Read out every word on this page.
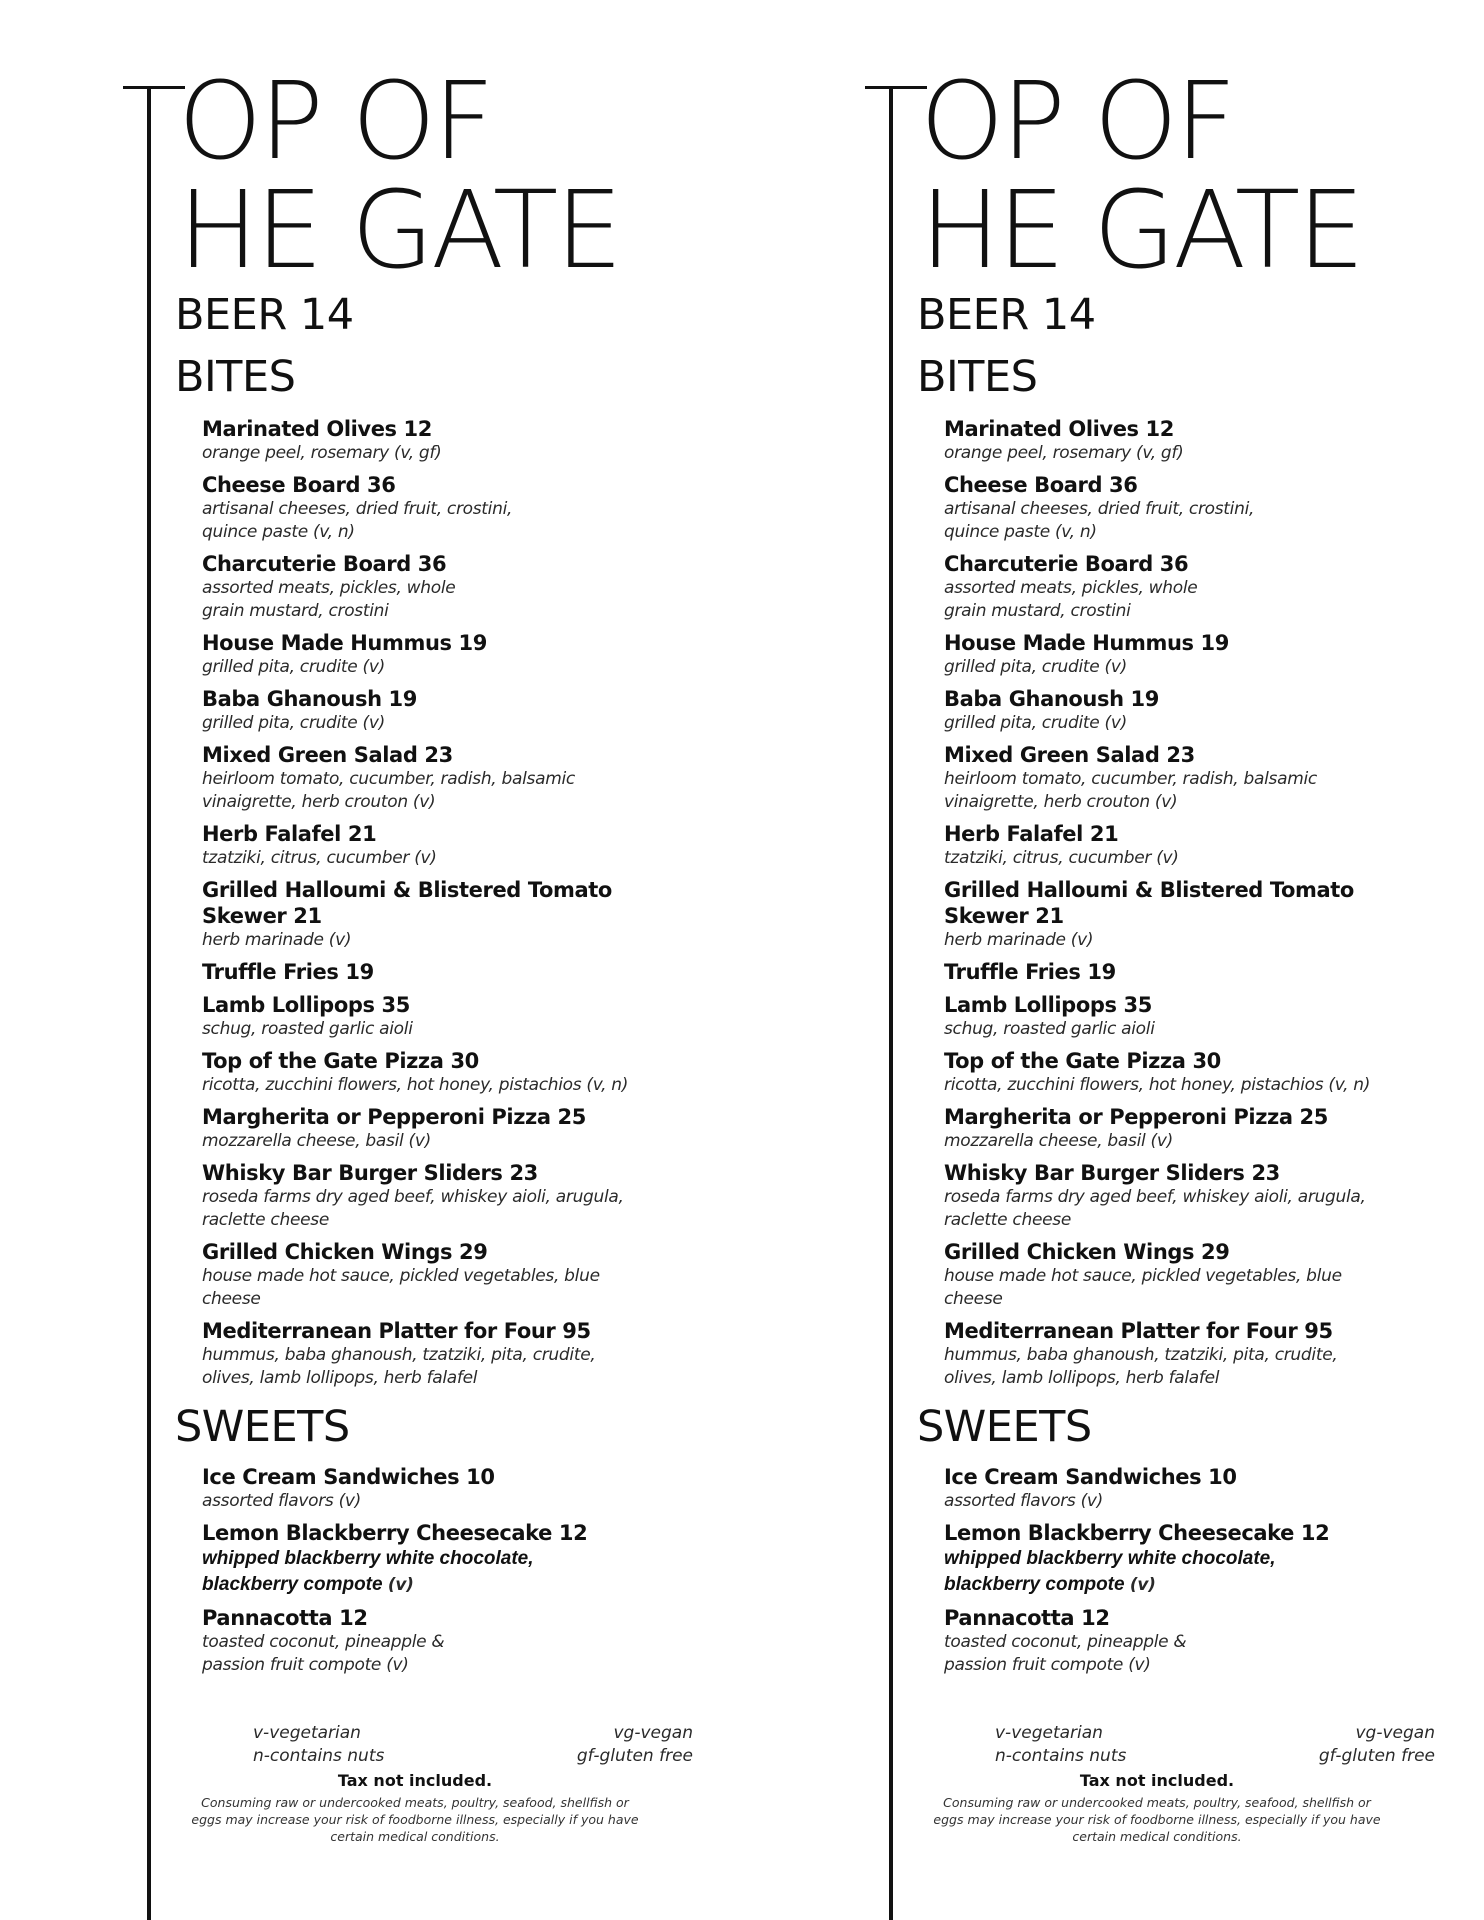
OP OF
HE GATE
BEER 14
BITES
Marinated Olives 12
orange peel, rosemary (v, gf)
Cheese Board 36
artisanal cheeses, dried fruit, crostini,
quince paste (v, n)
Charcuterie Board 36
assorted meats, pickles, whole
grain mustard, crostini
House Made Hummus 19
grilled pita, crudite (v)
Baba Ghanoush 19
grilled pita, crudite (v)
Mixed Green Salad 23
heirloom tomato, cucumber, radish, balsamic
vinaigrette, herb crouton (v)
Herb Falafel 21
tzatziki, citrus, cucumber (v)
Grilled Halloumi & Blistered Tomato
Skewer 21
herb marinade (v)
Truffle Fries 19
Lamb Lollipops 35
schug, roasted garlic aioli
Top of the Gate Pizza 30
ricotta, zucchini flowers, hot honey, pistachios (v, n)
Margherita or Pepperoni Pizza 25
mozzarella cheese, basil (v)
Whisky Bar Burger Sliders 23
roseda farms dry aged beef, whiskey aioli, arugula,
raclette cheese
Grilled Chicken Wings 29
house made hot sauce, pickled vegetables, blue
cheese
Mediterranean Platter for Four 95
hummus, baba ghanoush, tzatziki, pita, crudite,
olives, lamb lollipops, herb falafel
SWEETS
Ice Cream Sandwiches 10
assorted flavors (v)
Lemon Blackberry Cheesecake 12
whipped blackberry white chocolate,
blackberry compote (v)
Pannacotta 12
toasted coconut, pineapple &
passion fruit compote (v)
v-vegetarian	vg-vegan
n-contains nuts	gf-gluten free
Tax not included.
Consuming raw or undercooked meats, poultry, seafood, shellfish or
eggs may increase your risk of foodborne illness, especially if you have
certain medical conditions.
OP OF
HE GATE
BEER 14
BITES
Marinated Olives 12
orange peel, rosemary (v, gf)
Cheese Board 36
artisanal cheeses, dried fruit, crostini,
quince paste (v, n)
Charcuterie Board 36
assorted meats, pickles, whole
grain mustard, crostini
House Made Hummus 19
grilled pita, crudite (v)
Baba Ghanoush 19
grilled pita, crudite (v)
Mixed Green Salad 23
heirloom tomato, cucumber, radish, balsamic
vinaigrette, herb crouton (v)
Herb Falafel 21
tzatziki, citrus, cucumber (v)
Grilled Halloumi & Blistered Tomato
Skewer 21
herb marinade (v)
Truffle Fries 19
Lamb Lollipops 35
schug, roasted garlic aioli
Top of the Gate Pizza 30
ricotta, zucchini flowers, hot honey, pistachios (v, n)
Margherita or Pepperoni Pizza 25
mozzarella cheese, basil (v)
Whisky Bar Burger Sliders 23
roseda farms dry aged beef, whiskey aioli, arugula,
raclette cheese
Grilled Chicken Wings 29
house made hot sauce, pickled vegetables, blue
cheese
Mediterranean Platter for Four 95
hummus, baba ghanoush, tzatziki, pita, crudite,
olives, lamb lollipops, herb falafel
SWEETS
Ice Cream Sandwiches 10
assorted flavors (v)
Lemon Blackberry Cheesecake 12
whipped blackberry white chocolate,
blackberry compote (v)
Pannacotta 12
toasted coconut, pineapple &
passion fruit compote (v)
v-vegetarian	vg-vegan
n-contains nuts	gf-gluten free
Tax not included.
Consuming raw or undercooked meats, poultry, seafood, shellfish or
eggs may increase your risk of foodborne illness, especially if you have
certain medical conditions.
